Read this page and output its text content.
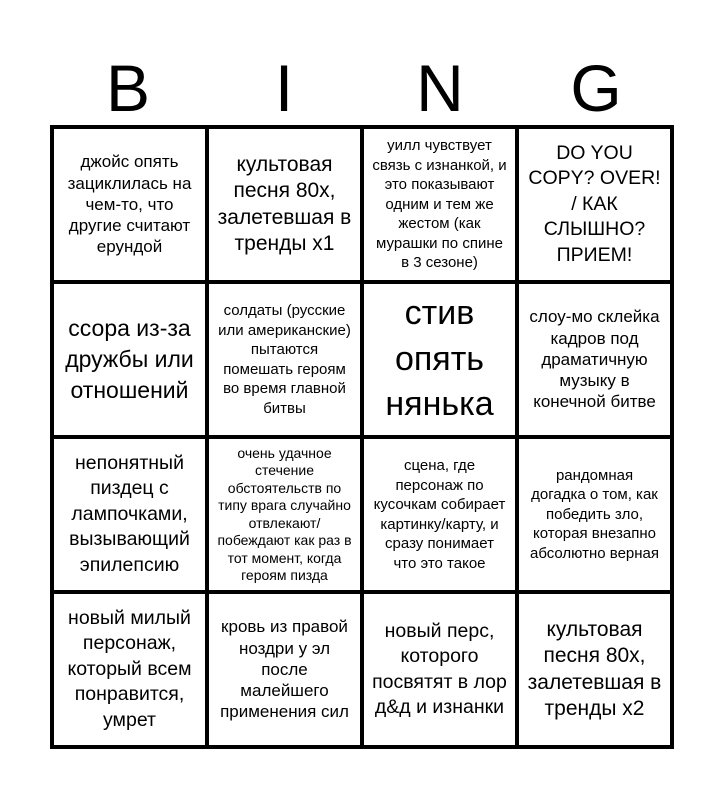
B	I	N	G
джойс опять зациклилась на чем-то, что другие считают ерундой
культовая песня 80х, залетевшая в тренды х1
уилл чувствует связь с изнанкой, и это показывают одним и тем же жестом (как мурашки по спине в 3 сезоне)
DO YOU COPY? OVER! / КАК СЛЫШНО? ПРИЕМ!
ссора из-за дружбы или отношений
солдаты (русские или американские) пытаются помешать героям во время главной битвы
стив опять нянька
слоу-мо склейка кадров под драматичную музыку в конечной битве
непонятный пиздец с лампочками, вызывающий эпилепсию
очень удачное стечение обстоятельств по типу врага случайно отвлекают/побеждают как раз в тот момент, когда героям пизда
сцена, где персонаж по кусочкам собирает картинку/карту, и сразу понимает что это такое
рандомная догадка о том, как победить зло, которая внезапно абсолютно верная
новый милый персонаж, который всем понравится, умрет
кровь из правой ноздри у эл после малейшего применения сил
новый перс, которого посвятят в лор д&д и изнанки
культовая песня 80х, залетевшая в тренды х2
